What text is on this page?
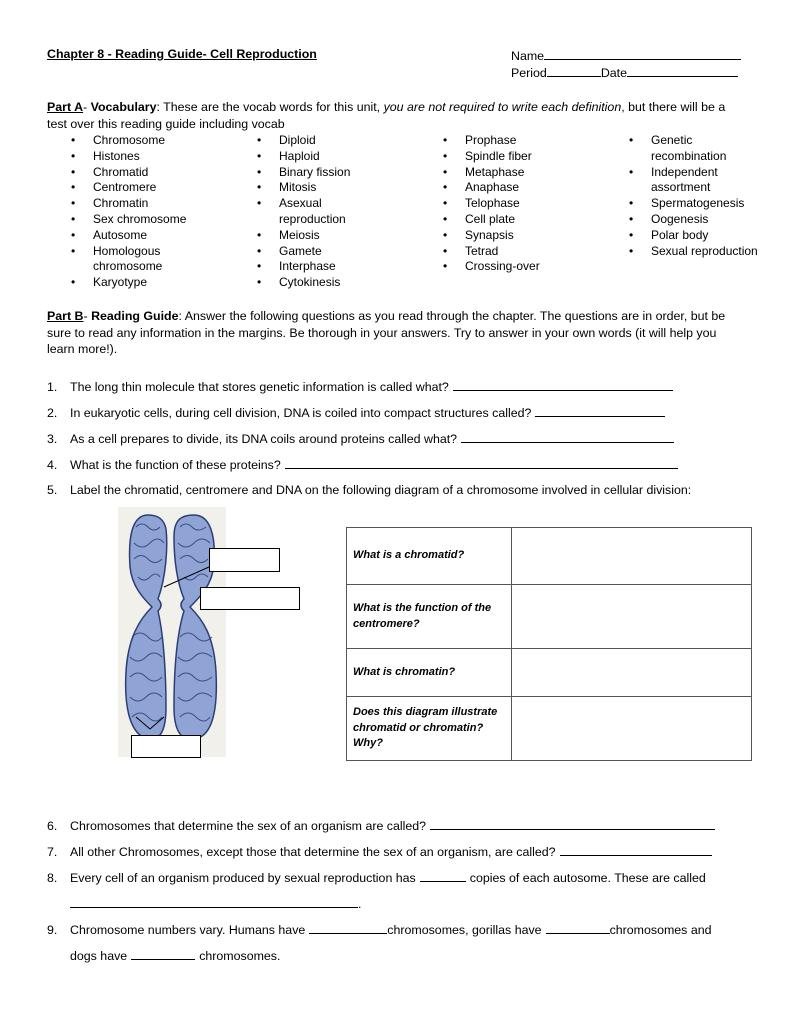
Chapter 8 - Reading Guide- Cell Reproduction	Name
Period	Date
Part A- Vocabulary: These are the vocab words for this unit, you are not required to write each definition, but there will be a test over this reading guide including vocab
• Chromosome
• Histones
• Chromatid
• Centromere
• Chromatin
• Sex chromosome
• Autosome
• Homologous chromosome
• Karyotype
• Diploid
• Haploid
• Binary fission
• Mitosis
• Asexual reproduction
• Meiosis
• Gamete
• Interphase
• Cytokinesis
• Prophase
• Spindle fiber
• Metaphase
• Anaphase
• Telophase
• Cell plate
• Synapsis
• Tetrad
• Crossing-over
• Genetic recombination
• Independent assortment
• Spermatogenesis
• Oogenesis
• Polar body
• Sexual reproduction
Part B- Reading Guide: Answer the following questions as you read through the chapter. The questions are in order, but be sure to read any information in the margins. Be thorough in your answers. Try to answer in your own words (it will help you learn more!).
1. The long thin molecule that stores genetic information is called what?
2. In eukaryotic cells, during cell division, DNA is coiled into compact structures called?
3. As a cell prepares to divide, its DNA coils around proteins called what?
4. What is the function of these proteins?
5. Label the chromatid, centromere and DNA on the following diagram of a chromosome involved in cellular division:
What is a chromatid?	
What is the function of the centromere?	
What is chromatin?	
Does this diagram illustrate chromatid or chromatin? Why?	
6. Chromosomes that determine the sex of an organism are called?
7. All other Chromosomes, except those that determine the sex of an organism, are called?
8. Every cell of an organism produced by sexual reproduction has	copies of each autosome. These are called
.
9. Chromosome numbers vary. Humans have	chromosomes, gorillas have	chromosomes and
dogs have	chromosomes.
